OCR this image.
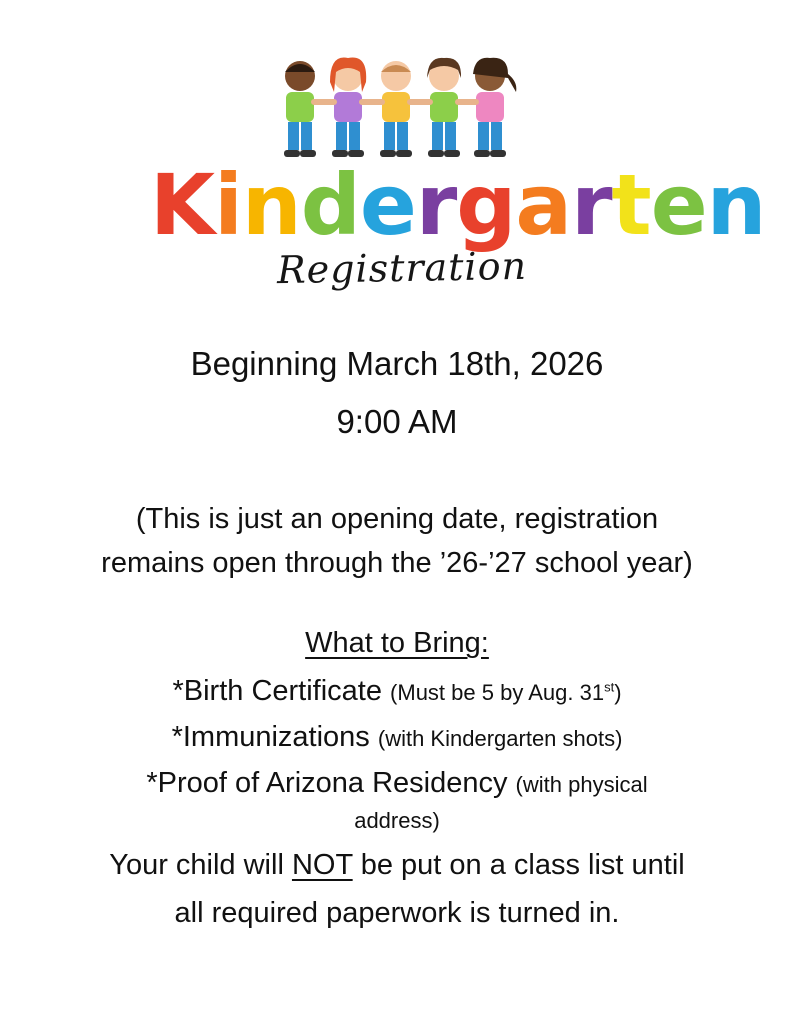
Kindergarten
Registration
Beginning March 18th, 2026
9:00 AM
(This is just an opening date, registration
remains open through the ’26-’27 school year)
What to Bring:
*Birth Certificate (Must be 5 by Aug. 31st)
*Immunizations (with Kindergarten shots)
*Proof of Arizona Residency (with physical
address)
Your child will NOT be put on a class list until
all required paperwork is turned in.
